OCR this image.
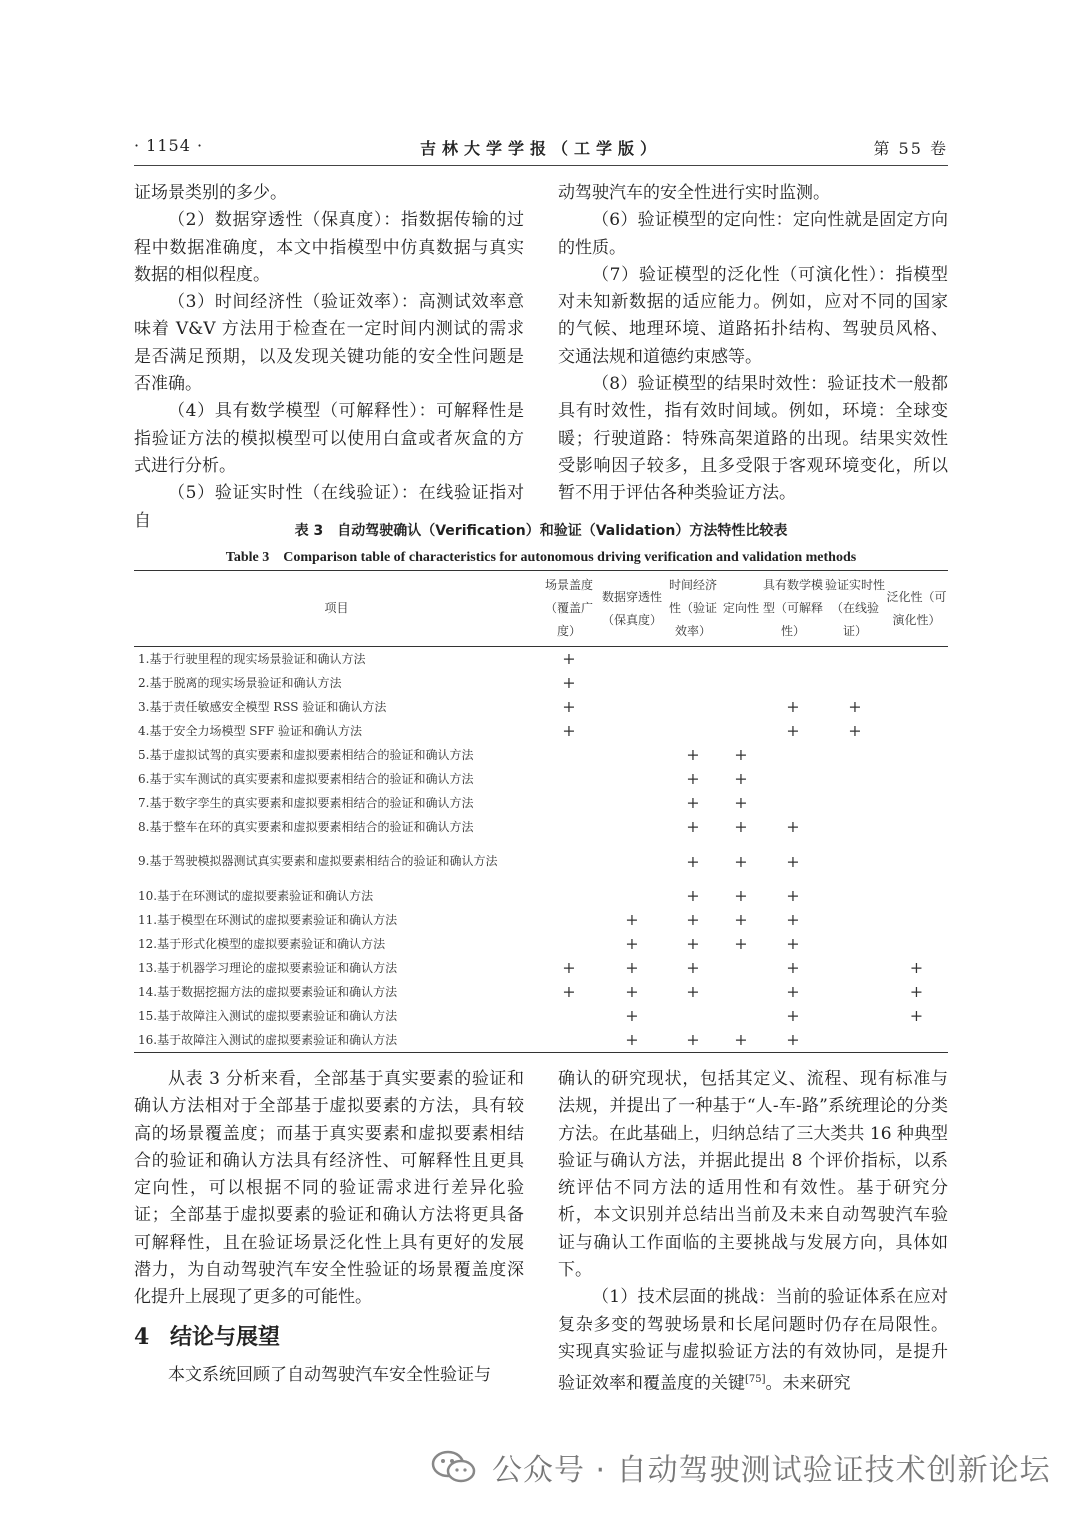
· 1154 ·	吉林大学学报（工学版）	第 55 卷

证场景类别的多少。

（2）数据穿透性（保真度）：指数据传输的过程中数据准确度，本文中指模型中仿真数据与真实数据的相似程度。

（3）时间经济性（验证效率）：高测试效率意味着 V&V 方法用于检查在一定时间内测试的需求是否满足预期，以及发现关键功能的安全性问题是否准确。

（4）具有数学模型（可解释性）：可解释性是指验证方法的模拟模型可以使用白盒或者灰盒的方式进行分析。

（5）验证实时性（在线验证）：在线验证指对自

动驾驶汽车的安全性进行实时监测。

（6）验证模型的定向性：定向性就是固定方向的性质。

（7）验证模型的泛化性（可演化性）：指模型对未知新数据的适应能力。例如，应对不同的国家的气候、地理环境、道路拓扑结构、驾驶员风格、交通法规和道德约束感等。

（8）验证模型的结果时效性：验证技术一般都具有时效性，指有效时间域。例如，环境：全球变暖；行驶道路：特殊高架道路的出现。结果实效性受影响因子较多，且多受限于客观环境变化，所以暂不用于评估各种类验证方法。

表 3　自动驾驶确认（Verification）和验证（Validation）方法特性比较表
Table 3　Comparison table of characteristics for autonomous driving verification and validation methods
项目	场景盖度（覆盖广度）	数据穿透性（保真度）	时间经济性（验证效率）	定向性	具有数学模型（可解释性）	验证实时性（在线验证）	泛化性（可演化性）
1.基于行驶里程的现实场景验证和确认方法	+						
2.基于脱离的现实场景验证和确认方法	+						
3.基于责任敏感安全模型 RSS 验证和确认方法	+				+	+	
4.基于安全力场模型 SFF 验证和确认方法	+				+	+	
5.基于虚拟试驾的真实要素和虚拟要素相结合的验证和确认方法			+	+			
6.基于实车测试的真实要素和虚拟要素相结合的验证和确认方法			+	+			
7.基于数字孪生的真实要素和虚拟要素相结合的验证和确认方法			+	+			
8.基于整车在环的真实要素和虚拟要素相结合的验证和确认方法			+	+	+		
9.基于驾驶模拟器测试真实要素和虚拟要素相结合的验证和确认方法			+	+	+		
10.基于在环测试的虚拟要素验证和确认方法			+	+	+		
11.基于模型在环测试的虚拟要素验证和确认方法		+	+	+	+		
12.基于形式化模型的虚拟要素验证和确认方法		+	+	+	+		
13.基于机器学习理论的虚拟要素验证和确认方法	+	+	+		+		+
14.基于数据挖掘方法的虚拟要素验证和确认方法	+	+	+		+		+
15.基于故障注入测试的虚拟要素验证和确认方法		+			+		+
16.基于故障注入测试的虚拟要素验证和确认方法		+	+	+	+		

从表 3 分析来看，全部基于真实要素的验证和确认方法相对于全部基于虚拟要素的方法，具有较高的场景覆盖度；而基于真实要素和虚拟要素相结合的验证和确认方法具有经济性、可解释性且更具定向性，可以根据不同的验证需求进行差异化验证；全部基于虚拟要素的验证和确认方法将更具备可解释性，且在验证场景泛化性上具有更好的发展潜力，为自动驾驶汽车安全性验证的场景覆盖度深化提升上展现了更多的可能性。

4 结论与展望

本文系统回顾了自动驾驶汽车安全性验证与

确认的研究现状，包括其定义、流程、现有标准与法规，并提出了一种基于“人-车-路”系统理论的分类方法。在此基础上，归纳总结了三大类共 16 种典型验证与确认方法，并据此提出 8 个评价指标，以系统评估不同方法的适用性和有效性。基于研究分析，本文识别并总结出当前及未来自动驾驶汽车验证与确认工作面临的主要挑战与发展方向，具体如下。

（1）技术层面的挑战：当前的验证体系在应对复杂多变的驾驶场景和长尾问题时仍存在局限性。实现真实验证与虚拟验证方法的有效协同，是提升验证效率和覆盖度的关键[75]。未来研究

公众号 · 自动驾驶测试验证技术创新论坛
